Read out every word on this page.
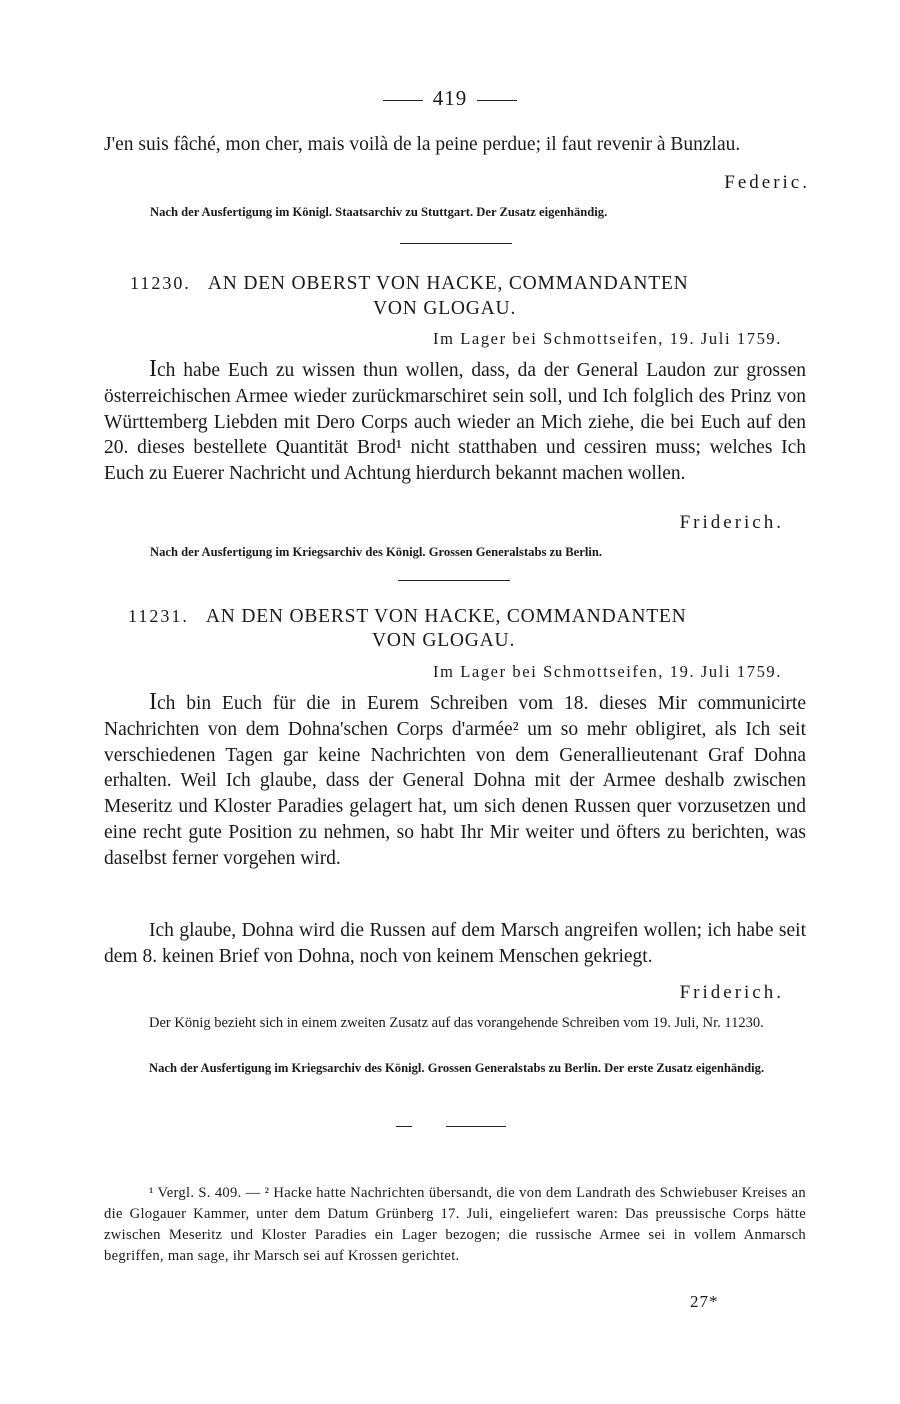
419
J'en suis fâché, mon cher, mais voilà de la peine perdue; il faut revenir à Bunzlau.
Federic.
Nach der Ausfertigung im Königl. Staatsarchiv zu Stuttgart. Der Zusatz eigenhändig.
11230. AN DEN OBERST VON HACKE, COMMANDANTEN
VON GLOGAU.
Im Lager bei Schmottseifen, 19. Juli 1759.
Ich habe Euch zu wissen thun wollen, dass, da der General Laudon zur grossen österreichischen Armee wieder zurückmarschiret sein soll, und Ich folglich des Prinz von Württemberg Liebden mit Dero Corps auch wieder an Mich ziehe, die bei Euch auf den 20. dieses bestellete Quantität Brod¹ nicht statthaben und cessiren muss; welches Ich Euch zu Euerer Nachricht und Achtung hierdurch bekannt machen wollen.
Friderich.
Nach der Ausfertigung im Kriegsarchiv des Königl. Grossen Generalstabs zu Berlin.
11231. AN DEN OBERST VON HACKE, COMMANDANTEN
VON GLOGAU.
Im Lager bei Schmottseifen, 19. Juli 1759.
Ich bin Euch für die in Eurem Schreiben vom 18. dieses Mir communicirte Nachrichten von dem Dohna'schen Corps d'armée² um so mehr obligiret, als Ich seit verschiedenen Tagen gar keine Nachrichten von dem Generallieutenant Graf Dohna erhalten. Weil Ich glaube, dass der General Dohna mit der Armee deshalb zwischen Meseritz und Kloster Paradies gelagert hat, um sich denen Russen quer vorzusetzen und eine recht gute Position zu nehmen, so habt Ihr Mir weiter und öfters zu berichten, was daselbst ferner vorgehen wird.
Ich glaube, Dohna wird die Russen auf dem Marsch angreifen wollen; ich habe seit dem 8. keinen Brief von Dohna, noch von keinem Menschen gekriegt.
Friderich.
Der König bezieht sich in einem zweiten Zusatz auf das vorangehende Schreiben vom 19. Juli, Nr. 11230.
Nach der Ausfertigung im Kriegsarchiv des Königl. Grossen Generalstabs zu Berlin. Der erste Zusatz eigenhändig.
¹ Vergl. S. 409. — ² Hacke hatte Nachrichten übersandt, die von dem Landrath des Schwiebuser Kreises an die Glogauer Kammer, unter dem Datum Grünberg 17. Juli, eingeliefert waren: Das preussische Corps hätte zwischen Meseritz und Kloster Paradies ein Lager bezogen; die russische Armee sei in vollem Anmarsch begriffen, man sage, ihr Marsch sei auf Krossen gerichtet.
27*
